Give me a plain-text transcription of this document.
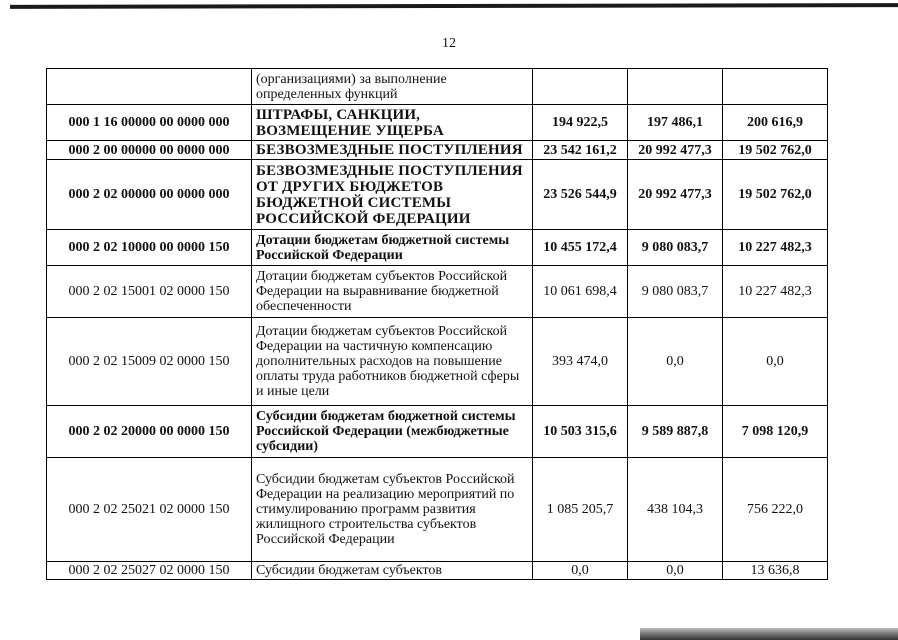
12
	(организациями) за выполнение определенных функций			
000 1 16 00000 00 0000 000	ШТРАФЫ, САНКЦИИ, ВОЗМЕЩЕНИЕ УЩЕРБА	194 922,5	197 486,1	200 616,9
000 2 00 00000 00 0000 000	БЕЗВОЗМЕЗДНЫЕ ПОСТУПЛЕНИЯ	23 542 161,2	20 992 477,3	19 502 762,0
000 2 02 00000 00 0000 000	БЕЗВОЗМЕЗДНЫЕ ПОСТУПЛЕНИЯ ОТ ДРУГИХ БЮДЖЕТОВ БЮДЖЕТНОЙ СИСТЕМЫ РОССИЙСКОЙ ФЕДЕРАЦИИ	23 526 544,9	20 992 477,3	19 502 762,0
000 2 02 10000 00 0000 150	Дотации бюджетам бюджетной системы Российской Федерации	10 455 172,4	9 080 083,7	10 227 482,3
000 2 02 15001 02 0000 150	Дотации бюджетам субъектов Российской Федерации на выравнивание бюджетной обеспеченности	10 061 698,4	9 080 083,7	10 227 482,3
000 2 02 15009 02 0000 150	Дотации бюджетам субъектов Российской Федерации на частичную компенсацию дополнительных расходов на повышение оплаты труда работников бюджетной сферы и иные цели	393 474,0	0,0	0,0
000 2 02 20000 00 0000 150	Субсидии бюджетам бюджетной системы Российской Федерации (межбюджетные субсидии)	10 503 315,6	9 589 887,8	7 098 120,9
000 2 02 25021 02 0000 150	Субсидии бюджетам субъектов Российской Федерации на реализацию мероприятий по стимулированию программ развития жилищного строительства субъектов Российской Федерации	1 085 205,7	438 104,3	756 222,0
000 2 02 25027 02 0000 150	Субсидии бюджетам субъектов	0,0	0,0	13 636,8
